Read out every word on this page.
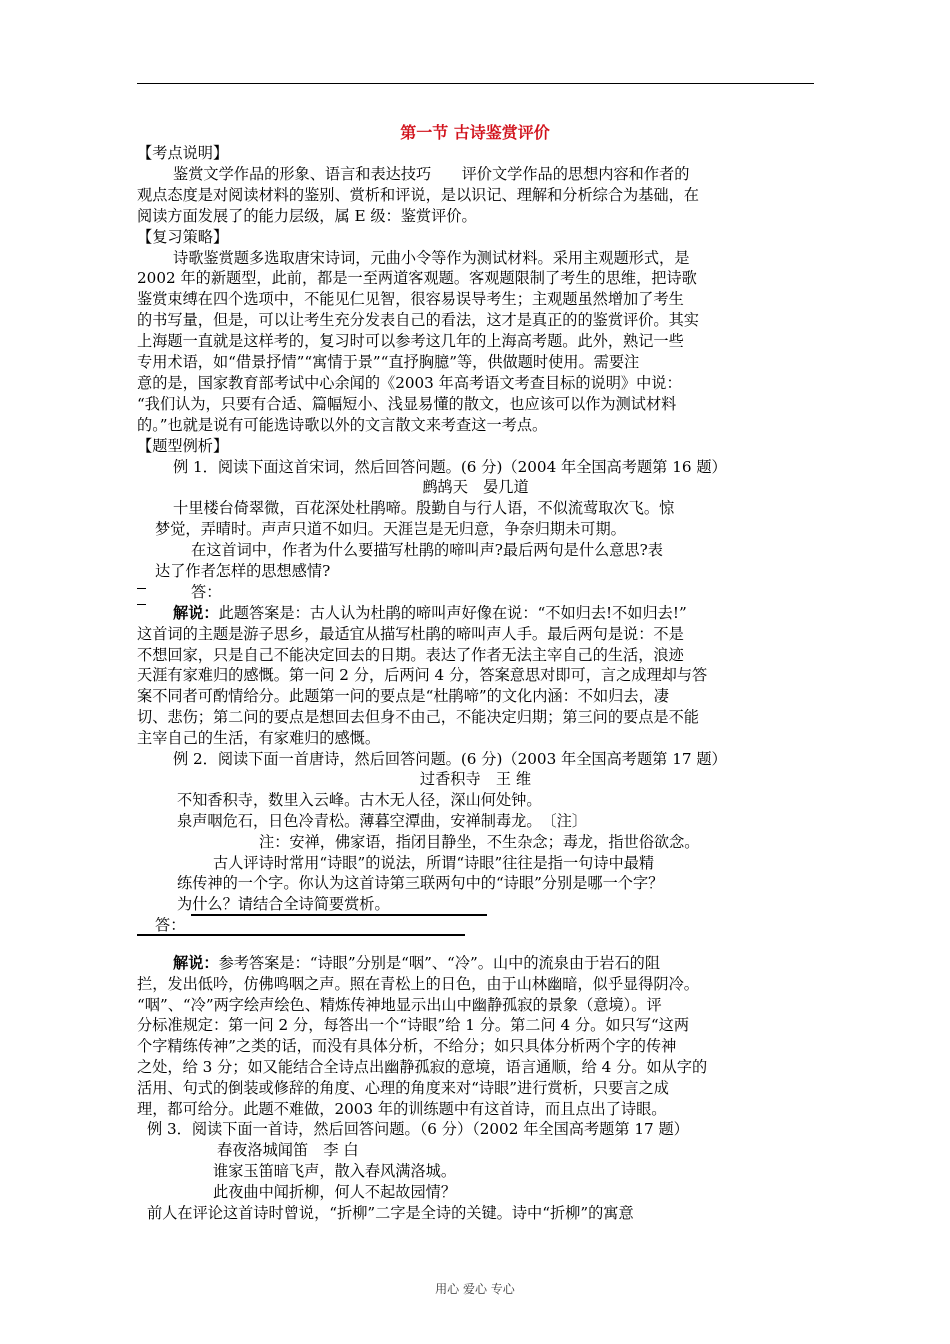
第一节 古诗鉴赏评价
【考点说明】
鉴赏文学作品的形象、语言和表达技巧　　评价文学作品的思想内容和作者的
观点态度是对阅读材料的鉴别、赏析和评说，是以识记、理解和分析综合为基础，在
阅读方面发展了的能力层级，属 E 级：鉴赏评价。
【复习策略】
诗歌鉴赏题多选取唐宋诗词，元曲小令等作为测试材料。采用主观题形式，是
2002 年的新题型，此前，都是一至两道客观题。客观题限制了考生的思维，把诗歌
鉴赏束缚在四个选项中，不能见仁见智，很容易误导考生；主观题虽然增加了考生
的书写量，但是，可以让考生充分发表自己的看法，这才是真正的的鉴赏评价。其实
上海题一直就是这样考的，复习时可以参考这几年的上海高考题。此外，熟记一些
专用术语，如“借景抒情”“寓情于景”“直抒胸臆”等，供做题时使用。需要注
意的是，国家教育部考试中心余闻的《2003 年高考语文考查目标的说明》中说：
“我们认为，只要有合适、篇幅短小、浅显易懂的散文，也应该可以作为测试材料
的。”也就是说有可能选诗歌以外的文言散文来考查这一考点。
【题型例析】
例 1．阅读下面这首宋词，然后回答问题。(6 分)（2004 年全国高考题第 16 题）
鹧鸪天　晏几道
十里楼台倚翠微，百花深处杜鹃啼。殷勤自与行人语，不似流莺取次飞。惊
梦觉，弄晴时。声声只道不如归。天涯岂是无归意，争奈归期未可期。
在这首词中，作者为什么要描写杜鹃的啼叫声?最后两句是什么意思?表
达了作者怎样的思想感情?
答：
解说：此题答案是：古人认为杜鹃的啼叫声好像在说：“不如归去!不如归去!”
这首词的主题是游子思乡，最适宜从描写杜鹃的啼叫声人手。最后两句是说：不是
不想回家，只是自己不能决定回去的日期。表达了作者无法主宰自己的生活，浪迹
天涯有家难归的感慨。第一问 2 分，后两问 4 分，答案意思对即可，言之成理却与答
案不同者可酌情给分。此题第一问的要点是“杜鹃啼”的文化内涵：不如归去，凄
切、悲伤；第二问的要点是想回去但身不由己，不能决定归期；第三问的要点是不能
主宰自己的生活，有家难归的感慨。
例 2．阅读下面一首唐诗，然后回答问题。(6 分)（2003 年全国高考题第 17 题）
过香积寺　王 维
不知香积寺，数里入云峰。古木无人径，深山何处钟。
泉声咽危石，日色冷青松。薄暮空潭曲，安禅制毒龙。　〔注〕
注：安禅，佛家语，指闭目静坐，不生杂念；毒龙，指世俗欲念。
古人评诗时常用“诗眼”的说法，所谓“诗眼”往往是指一句诗中最精
练传神的一个字。你认为这首诗第三联两句中的“诗眼”分别是哪一个字？
为什么？请结合全诗简要赏析。
答：
解说：参考答案是：“诗眼”分别是“咽”、“冷”。山中的流泉由于岩石的阻
拦，发出低吟，仿佛鸣咽之声。照在青松上的日色，由于山林幽暗，似乎显得阴冷。
“咽”、“冷”两字绘声绘色、精炼传神地显示出山中幽静孤寂的景象（意境）。评
分标准规定：第一问 2 分，每答出一个“诗眼”给 1 分。第二问 4 分。如只写“这两
个字精练传神”之类的话，而没有具体分析，不给分；如只具体分析两个字的传神
之处，给 3 分；如又能结合全诗点出幽静孤寂的意境，语言通顺，给 4 分。如从字的
活用、句式的倒装或修辞的角度、心理的角度来对“诗眼”进行赏析，只要言之成
理，都可给分。此题不难做，2003 年的训练题中有这首诗，而且点出了诗眼。
例 3．阅读下面一首诗，然后回答问题。（6 分）（2002 年全国高考题第 17 题）
春夜洛城闻笛　李 白
谁家玉笛暗飞声，散入春风满洛城。
此夜曲中闻折柳，何人不起故园情？
前人在评论这首诗时曾说，“折柳”二字是全诗的关键。诗中“折柳”的寓意
用心 爱心 专心
